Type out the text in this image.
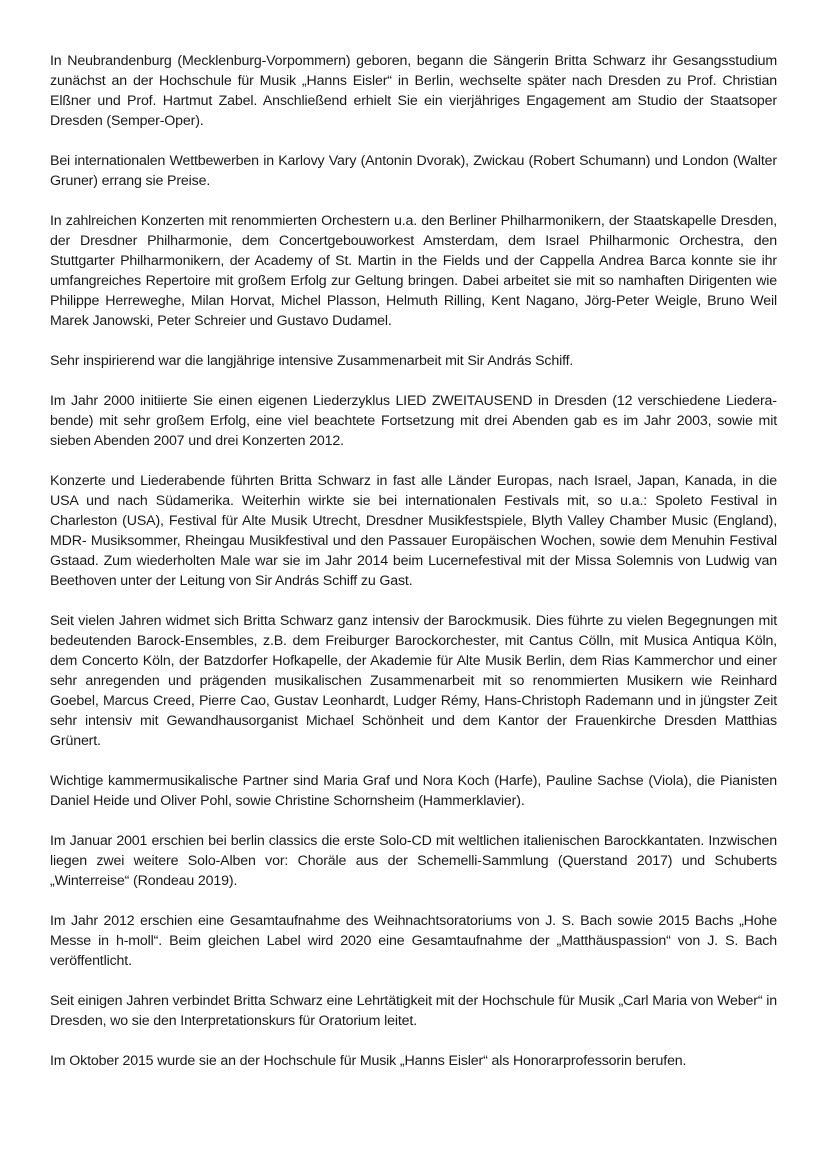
In Neubrandenburg (Mecklenburg-Vorpommern) geboren, begann die Sängerin Britta Schwarz ihr Gesangsstudium zunächst an der Hochschule für Musik „Hanns Eisler“ in Berlin, wechselte später nach Dresden zu Prof. Christian Elßner und Prof. Hartmut Zabel. Anschließend erhielt Sie ein vierjähriges Engagement am Studio der Staatsoper Dresden (Semper-Oper).

Bei internationalen Wettbewerben in Karlovy Vary (Antonin Dvorak), Zwickau (Robert Schumann) und London (Walter Gruner) errang sie Preise.

In zahlreichen Konzerten mit renommierten Orchestern u.a. den Berliner Philharmonikern, der Staatskapelle Dresden, der Dresdner Philharmonie, dem Concertgebouworkest Amsterdam, dem Israel Philharmonic Orchestra, den Stuttgarter Philharmonikern, der Academy of St. Martin in the Fields und der Cappella Andrea Barca konnte sie ihr umfangreiches Repertoire mit großem Erfolg zur Geltung bringen. Dabei arbeitet sie mit so namhaften Dirigenten wie Philippe Herreweghe, Milan Horvat, Michel Plasson, Helmuth Rilling, Kent Nagano, Jörg-Peter Weigle, Bruno Weil Marek Janowski, Peter Schreier und Gustavo Dudamel.

Sehr inspirierend war die langjährige intensive Zusammenarbeit mit Sir András Schiff.

Im Jahr 2000 initiierte Sie einen eigenen Liederzyklus LIED ZWEITAUSEND in Dresden (12 verschiedene Liederabende) mit sehr großem Erfolg, eine viel beachtete Fortsetzung mit drei Abenden gab es im Jahr 2003, sowie mit sieben Abenden 2007 und drei Konzerten 2012.

Konzerte und Liederabende führten Britta Schwarz in fast alle Länder Europas, nach Israel, Japan, Kanada, in die USA und nach Südamerika. Weiterhin wirkte sie bei internationalen Festivals mit, so u.a.: Spoleto Festival in Charleston (USA), Festival für Alte Musik Utrecht, Dresdner Musikfestspiele, Blyth Valley Chamber Music (England), MDR- Musiksommer, Rheingau Musikfestival und den Passauer Europäischen Wochen, sowie dem Menuhin Festival Gstaad. Zum wiederholten Male war sie im Jahr 2014 beim Lucernefestival mit der Missa Solemnis von Ludwig van Beethoven unter der Leitung von Sir András Schiff zu Gast.

Seit vielen Jahren widmet sich Britta Schwarz ganz intensiv der Barockmusik. Dies führte zu vielen Begegnungen mit bedeutenden Barock-Ensembles, z.B. dem Freiburger Barockorchester, mit Cantus Cölln, mit Musica Antiqua Köln, dem Concerto Köln, der Batzdorfer Hofkapelle, der Akademie für Alte Musik Berlin, dem Rias Kammerchor und einer sehr anregenden und prägenden musikalischen Zusammenarbeit mit so renommierten Musikern wie Reinhard Goebel, Marcus Creed, Pierre Cao, Gustav Leonhardt, Ludger Rémy, Hans-Christoph Rademann und in jüngster Zeit sehr intensiv mit Gewandhausorganist Michael Schönheit und dem Kantor der Frauenkirche Dresden Matthias Grünert.

Wichtige kammermusikalische Partner sind Maria Graf und Nora Koch (Harfe), Pauline Sachse (Viola), die Pianisten Daniel Heide und Oliver Pohl, sowie Christine Schornsheim (Hammerklavier).

Im Januar 2001 erschien bei berlin classics die erste Solo-CD mit weltlichen italienischen Barockkantaten. Inzwischen liegen zwei weitere Solo-Alben vor: Choräle aus der Schemelli-Sammlung (Querstand 2017) und Schuberts „Winterreise“ (Rondeau 2019).

Im Jahr 2012 erschien eine Gesamtaufnahme des Weihnachtsoratoriums von J. S. Bach sowie 2015 Bachs „Hohe Messe in h-moll“. Beim gleichen Label wird 2020 eine Gesamtaufnahme der „Matthäuspassion“ von J. S. Bach veröffentlicht.

Seit einigen Jahren verbindet Britta Schwarz eine Lehrtätigkeit mit der Hochschule für Musik „Carl Maria von Weber“ in Dresden, wo sie den Interpretationskurs für Oratorium leitet.

Im Oktober 2015 wurde sie an der Hochschule für Musik „Hanns Eisler“ als Honorarprofessorin berufen.
